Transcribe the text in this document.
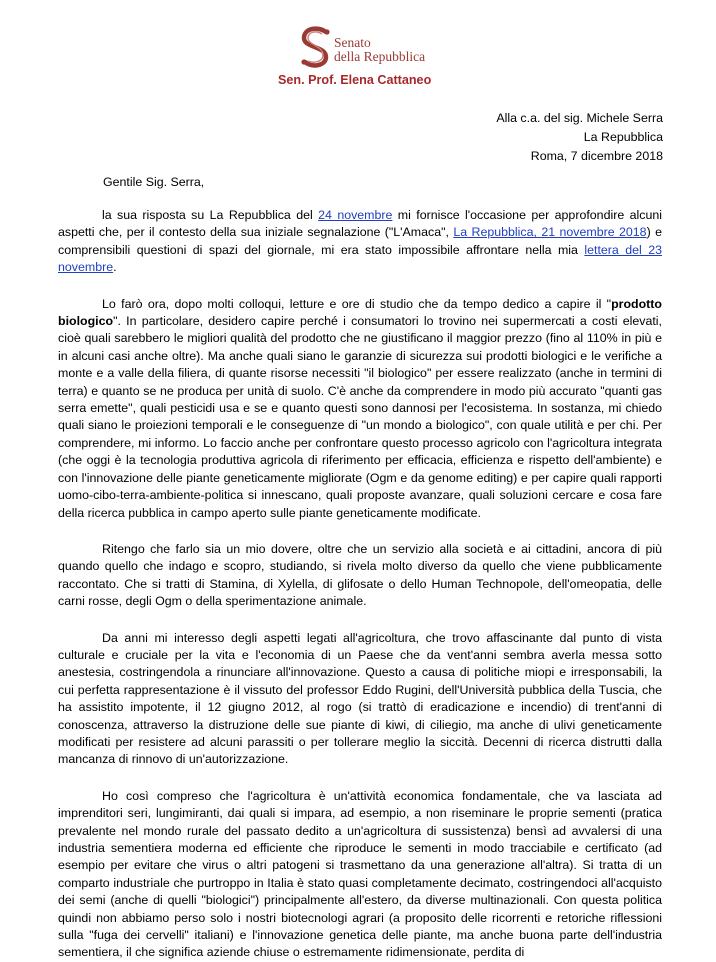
Senato
della Repubblica
Sen. Prof. Elena Cattaneo
Alla c.a. del sig. Michele Serra
La Repubblica
Roma, 7 dicembre 2018
Gentile Sig. Serra,

la sua risposta su La Repubblica del 24 novembre mi fornisce l'occasione per approfondire alcuni aspetti che, per il contesto della sua iniziale segnalazione ("L'Amaca", La Repubblica, 21 novembre 2018) e comprensibili questioni di spazi del giornale, mi era stato impossibile affrontare nella mia lettera del 23 novembre.

Lo farò ora, dopo molti colloqui, letture e ore di studio che da tempo dedico a capire il "prodotto biologico". In particolare, desidero capire perché i consumatori lo trovino nei supermercati a costi elevati, cioè quali sarebbero le migliori qualità del prodotto che ne giustificano il maggior prezzo (fino al 110% in più e in alcuni casi anche oltre). Ma anche quali siano le garanzie di sicurezza sui prodotti biologici e le verifiche a monte e a valle della filiera, di quante risorse necessiti "il biologico" per essere realizzato (anche in termini di terra) e quanto se ne produca per unità di suolo. C'è anche da comprendere in modo più accurato "quanti gas serra emette", quali pesticidi usa e se e quanto questi sono dannosi per l'ecosistema. In sostanza, mi chiedo quali siano le proiezioni temporali e le conseguenze di "un mondo a biologico", con quale utilità e per chi. Per comprendere, mi informo. Lo faccio anche per confrontare questo processo agricolo con l'agricoltura integrata (che oggi è la tecnologia produttiva agricola di riferimento per efficacia, efficienza e rispetto dell'ambiente) e con l'innovazione delle piante geneticamente migliorate (Ogm e da genome editing) e per capire quali rapporti uomo-cibo-terra-ambiente-politica si innescano, quali proposte avanzare, quali soluzioni cercare e cosa fare della ricerca pubblica in campo aperto sulle piante geneticamente modificate.

Ritengo che farlo sia un mio dovere, oltre che un servizio alla società e ai cittadini, ancora di più quando quello che indago e scopro, studiando, si rivela molto diverso da quello che viene pubblicamente raccontato. Che si tratti di Stamina, di Xylella, di glifosate o dello Human Technopole, dell'omeopatia, delle carni rosse, degli Ogm o della sperimentazione animale.

Da anni mi interesso degli aspetti legati all'agricoltura, che trovo affascinante dal punto di vista culturale e cruciale per la vita e l'economia di un Paese che da vent'anni sembra averla messa sotto anestesia, costringendola a rinunciare all'innovazione. Questo a causa di politiche miopi e irresponsabili, la cui perfetta rappresentazione è il vissuto del professor Eddo Rugini, dell'Università pubblica della Tuscia, che ha assistito impotente, il 12 giugno 2012, al rogo (si trattò di eradicazione e incendio) di trent'anni di conoscenza, attraverso la distruzione delle sue piante di kiwi, di ciliegio, ma anche di ulivi geneticamente modificati per resistere ad alcuni parassiti o per tollerare meglio la siccità. Decenni di ricerca distrutti dalla mancanza di rinnovo di un'autorizzazione.

Ho così compreso che l'agricoltura è un'attività economica fondamentale, che va lasciata ad imprenditori seri, lungimiranti, dai quali si impara, ad esempio, a non riseminare le proprie sementi (pratica prevalente nel mondo rurale del passato dedito a un'agricoltura di sussistenza) bensì ad avvalersi di una industria sementiera moderna ed efficiente che riproduce le sementi in modo tracciabile e certificato (ad esempio per evitare che virus o altri patogeni si trasmettano da una generazione all'altra). Si tratta di un comparto industriale che purtroppo in Italia è stato quasi completamente decimato, costringendoci all'acquisto dei semi (anche di quelli "biologici") principalmente all'estero, da diverse multinazionali. Con questa politica quindi non abbiamo perso solo i nostri biotecnologi agrari (a proposito delle ricorrenti e retoriche riflessioni sulla "fuga dei cervelli" italiani) e l'innovazione genetica delle piante, ma anche buona parte dell'industria sementiera, il che significa aziende chiuse o estremamente ridimensionate, perdita di
